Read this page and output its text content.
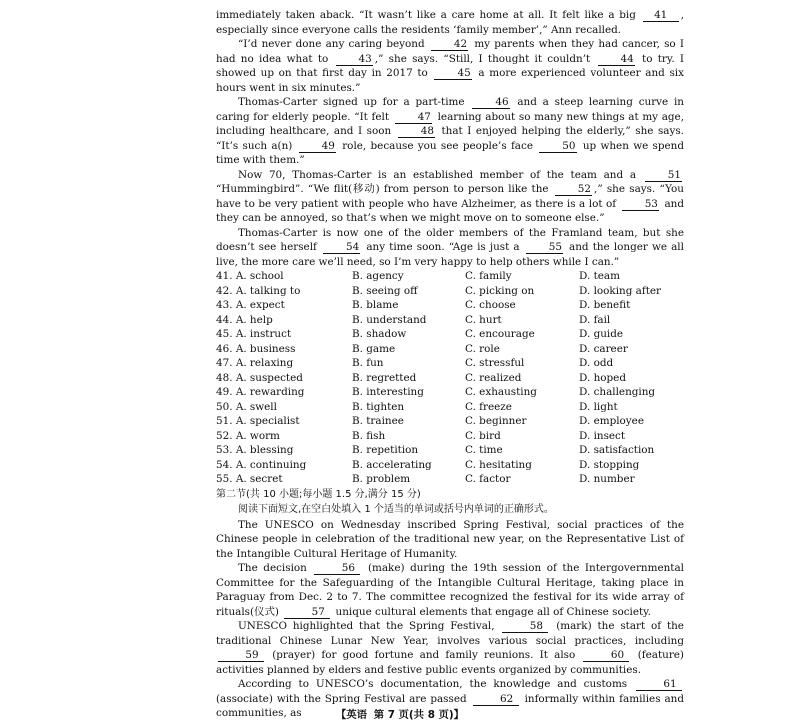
immediately taken aback. “It wasn’t like a care home at all. It felt like a big 41 , especially since everyone calls the residents ‘family member’,” Ann recalled.

“I’d never done any caring beyond	42 my parents when they had cancer, so I had no idea what to	43 ,” she says. “Still, I thought it couldn’t	44 to try. I showed up on that first day in 2017 to	45 a more experienced volunteer and six hours went in six minutes.”

Thomas-Carter signed up for a part-time	46 and a steep learning curve in caring for elderly people. “It felt	47 learning about so many new things at my age, including healthcare, and I soon	48 that I enjoyed helping the elderly,” she says. “It’s such a(n)	49 role, because you see people’s face	50 up when we spend time with them.”

Now 70, Thomas-Carter is an established member of the team and a	51 “Hummingbird”. “We flit(移动) from person to person like the	52 ,” she says. “You have to be very patient with people who have Alzheimer, as there is a lot of	53 and they can be annoyed, so that’s when we might move on to someone else.”

Thomas-Carter is now one of the older members of the Framland team, but she doesn’t see herself	54 any time soon. “Age is just a	55 and the longer we all live, the more care we’ll need, so I’m very happy to help others while I can.”

41. A. school	B. agency	C. family	D. team
42. A. talking to	B. seeing off	C. picking on	D. looking after
43. A. expect	B. blame	C. choose	D. benefit
44. A. help	B. understand	C. hurt	D. fail
45. A. instruct	B. shadow	C. encourage	D. guide
46. A. business	B. game	C. role	D. career
47. A. relaxing	B. fun	C. stressful	D. odd
48. A. suspected	B. regretted	C. realized	D. hoped
49. A. rewarding	B. interesting	C. exhausting	D. challenging
50. A. swell	B. tighten	C. freeze	D. light
51. A. specialist	B. trainee	C. beginner	D. employee
52. A. worm	B. fish	C. bird	D. insect
53. A. blessing	B. repetition	C. time	D. satisfaction
54. A. continuing	B. accelerating	C. hesitating	D. stopping
55. A. secret	B. problem	C. factor	D. number

第二节(共 10 小题;每小题 1.5 分,满分 15 分)

阅读下面短文,在空白处填入 1 个适当的单词或括号内单词的正确形式。

The UNESCO on Wednesday inscribed Spring Festival, social practices of the Chinese people in celebration of the traditional new year, on the Representative List of the Intangible Cultural Heritage of Humanity.

The decision	56 (make) during the 19th session of the Intergovernmental Committee for the Safeguarding of the Intangible Cultural Heritage, taking place in Paraguay from Dec. 2 to 7. The committee recognized the festival for its wide array of rituals(仪式)	57 unique cultural elements that engage all of Chinese society.

UNESCO highlighted that the Spring Festival,	58 (mark) the start of the traditional Chinese Lunar New Year, involves various social practices, including 59 (prayer) for good fortune and family reunions. It also	60 (feature) activities planned by elders and festive public events organized by communities.

According to UNESCO’s documentation, the knowledge and customs	61 (associate) with the Spring Festival are passed	62 informally within families and communities, as	【英语 第 7 页(共 8 页)】
